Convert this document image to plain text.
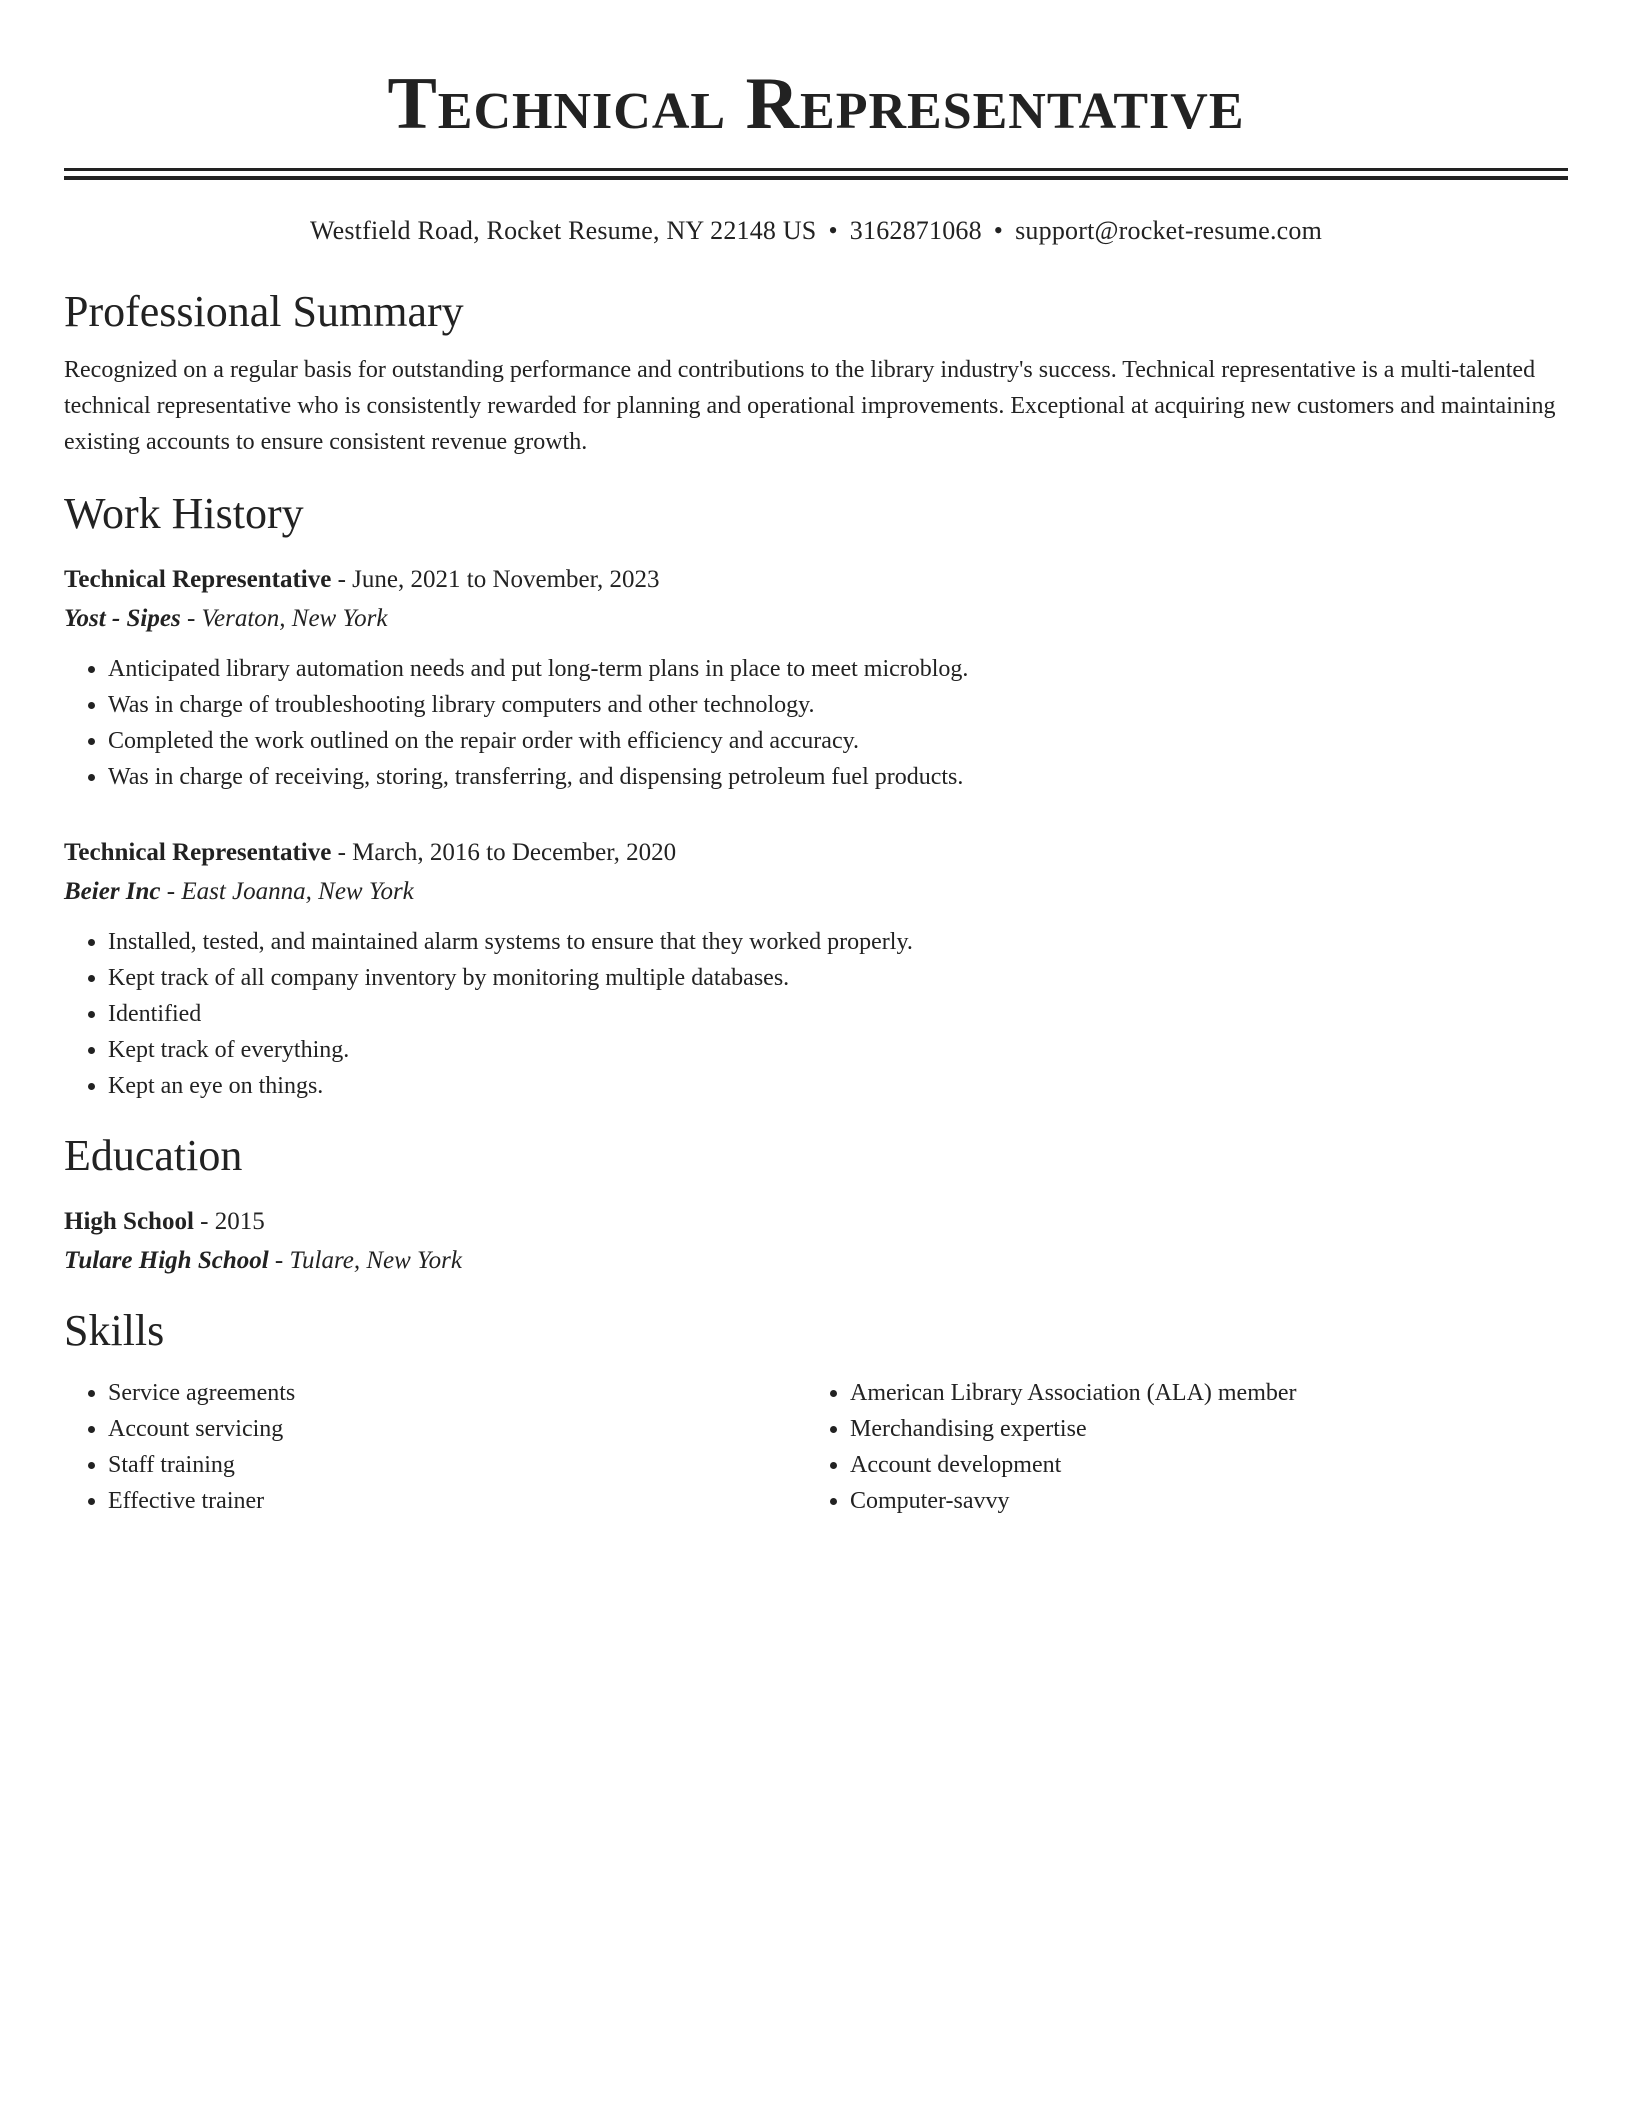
Technical Representative
Westfield Road, Rocket Resume, NY 22148 US • 3162871068 • support@rocket-resume.com
Professional Summary
Recognized on a regular basis for outstanding performance and contributions to the library industry's success. Technical representative is a multi-talented technical representative who is consistently rewarded for planning and operational improvements. Exceptional at acquiring new customers and maintaining existing accounts to ensure consistent revenue growth.
Work History
Technical Representative - June, 2021 to November, 2023
Yost - Sipes - Veraton, New York
• Anticipated library automation needs and put long-term plans in place to meet microblog.
• Was in charge of troubleshooting library computers and other technology.
• Completed the work outlined on the repair order with efficiency and accuracy.
• Was in charge of receiving, storing, transferring, and dispensing petroleum fuel products.
Technical Representative - March, 2016 to December, 2020
Beier Inc - East Joanna, New York
• Installed, tested, and maintained alarm systems to ensure that they worked properly.
• Kept track of all company inventory by monitoring multiple databases.
• Identified
• Kept track of everything.
• Kept an eye on things.
Education
High School - 2015
Tulare High School - Tulare, New York
Skills
• Service agreements
• Account servicing
• Staff training
• Effective trainer
• American Library Association (ALA) member
• Merchandising expertise
• Account development
• Computer-savvy
